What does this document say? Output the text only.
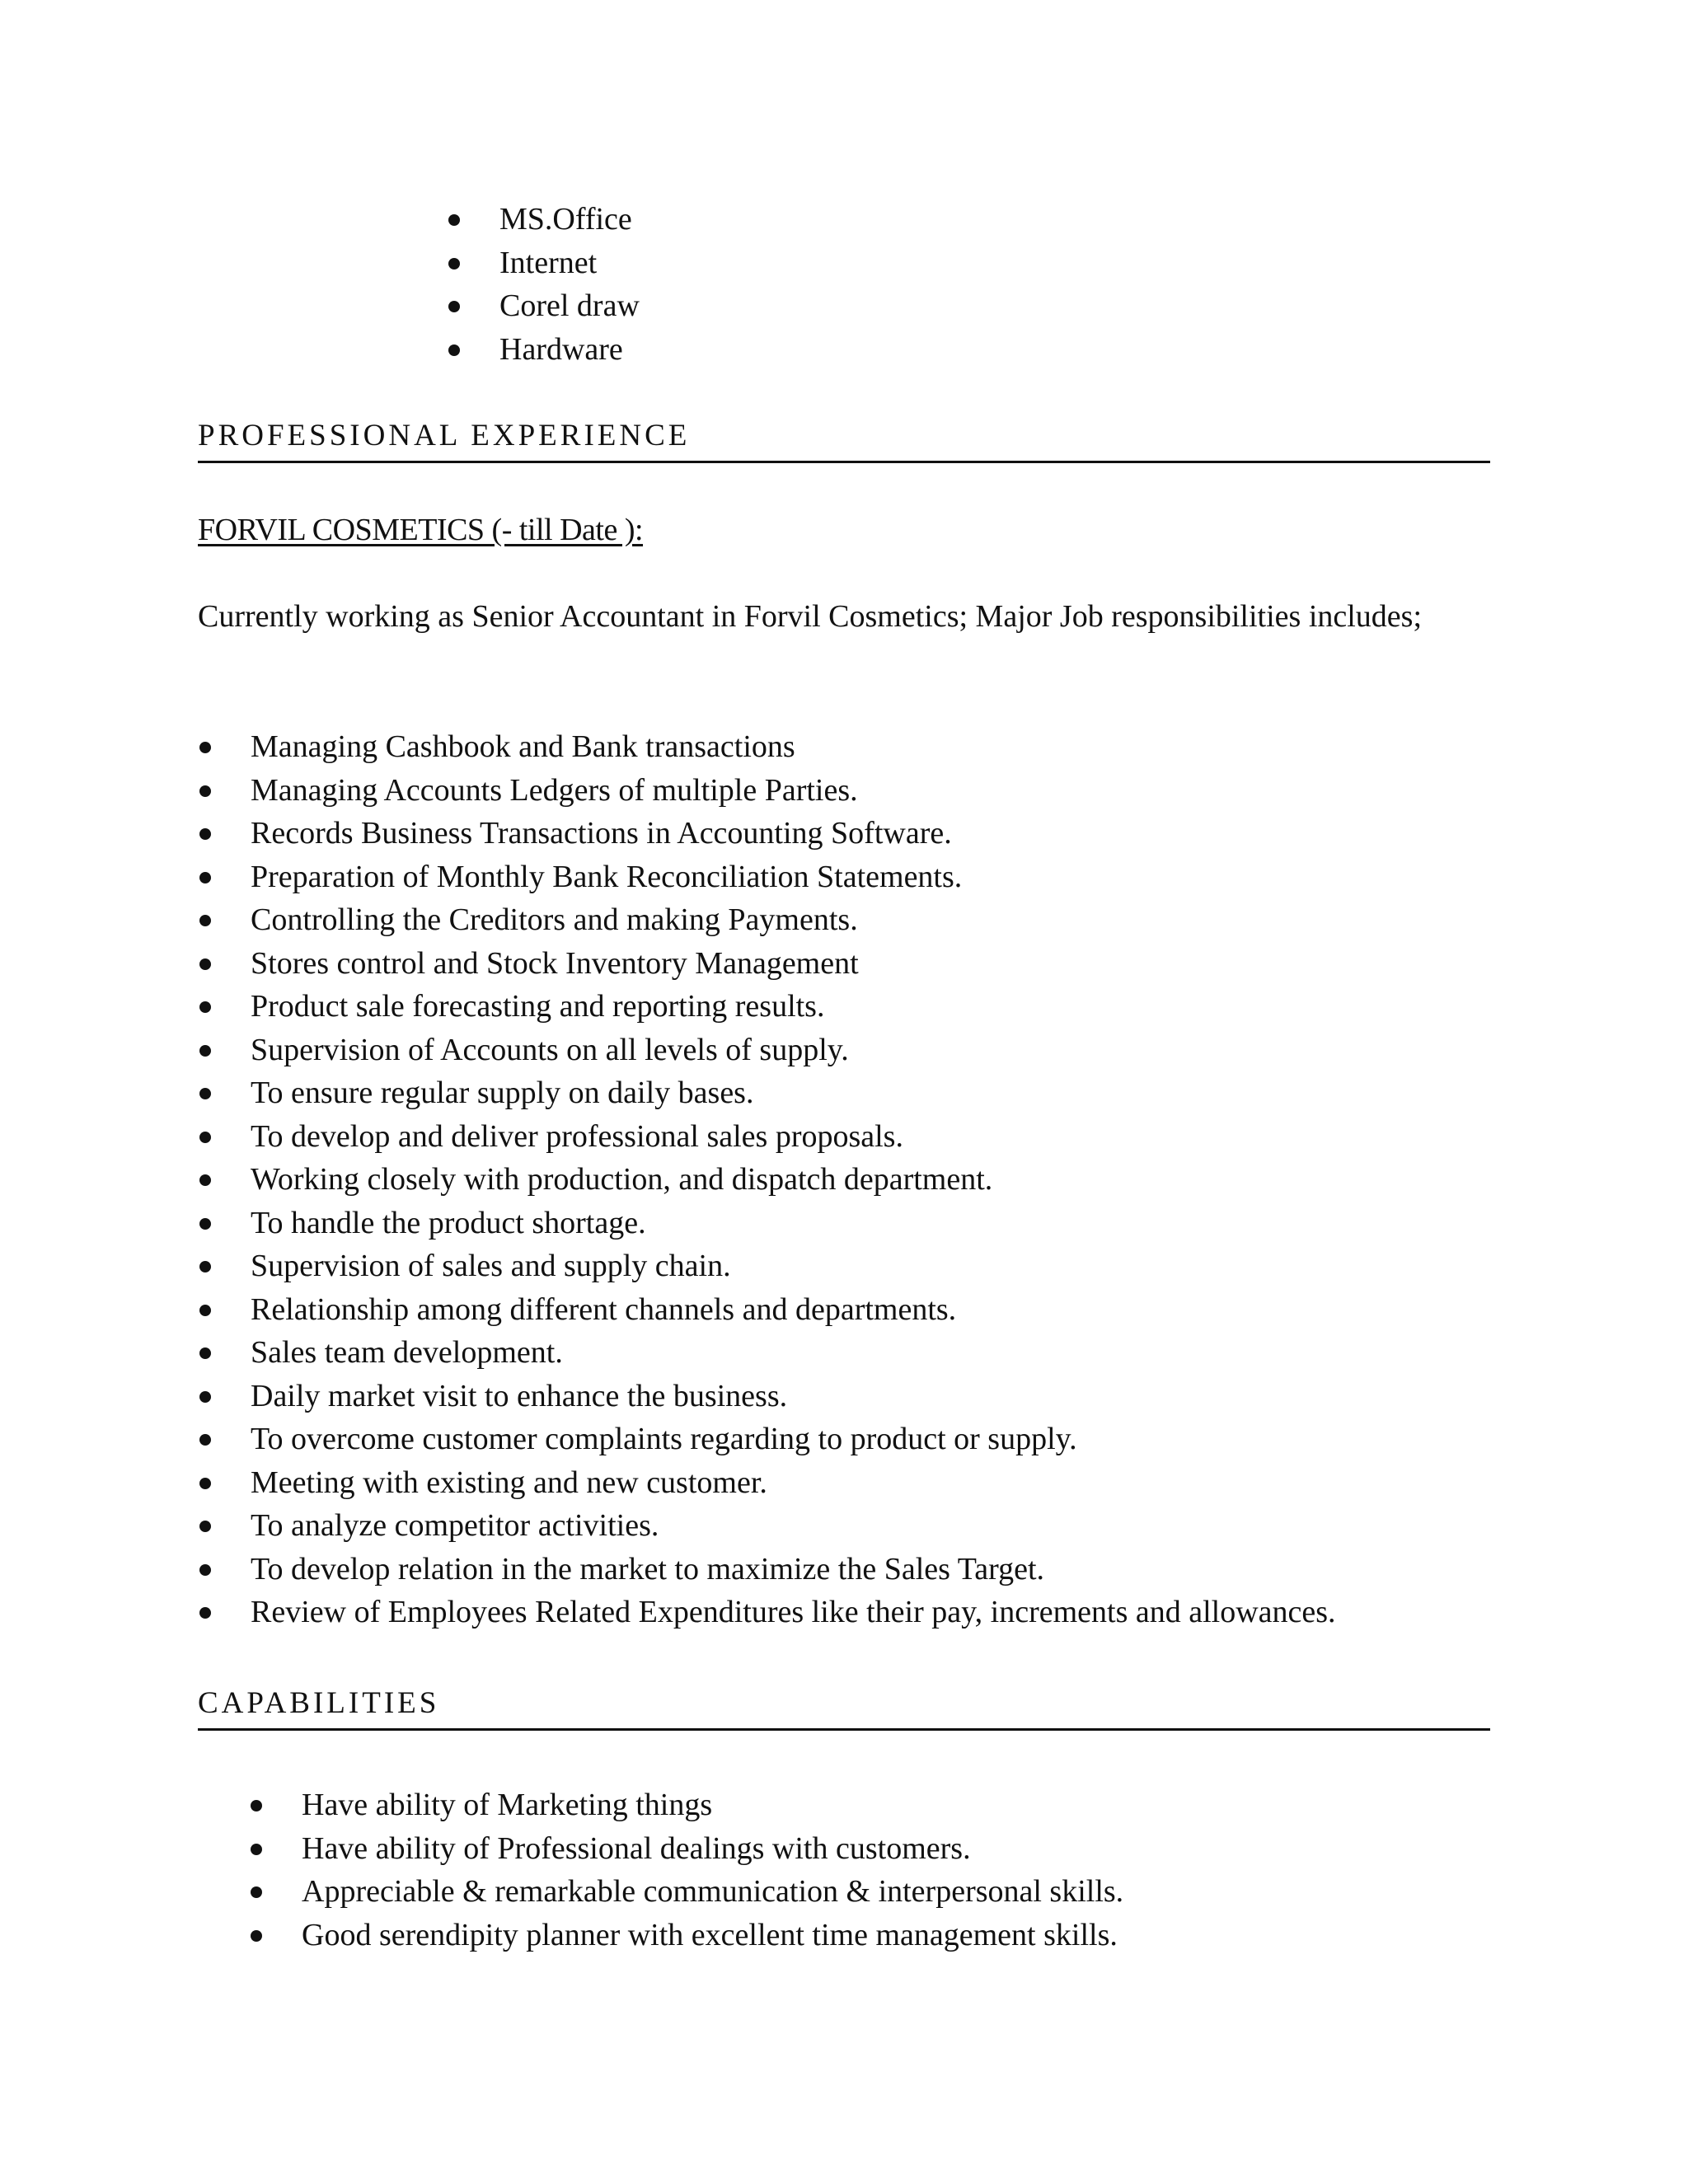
MS.Office
Internet
Corel draw
Hardware
PROFESSIONAL EXPERIENCE
FORVIL COSMETICS (- till Date ):
Currently working as Senior Accountant in Forvil Cosmetics; Major Job responsibilities includes;
Managing Cashbook and Bank transactions
Managing Accounts Ledgers of multiple Parties.
Records Business Transactions in Accounting Software.
Preparation of Monthly Bank Reconciliation Statements.
Controlling the Creditors and making Payments.
Stores control and Stock Inventory Management
Product sale forecasting and reporting results.
Supervision of Accounts on all levels of supply.
To ensure regular supply on daily bases.
To develop and deliver professional sales proposals.
Working closely with production, and dispatch department.
To handle the product shortage.
Supervision of sales and supply chain.
Relationship among different channels and departments.
Sales team development.
Daily market visit to enhance the business.
To overcome customer complaints regarding to product or supply.
Meeting with existing and new customer.
To analyze competitor activities.
To develop relation in the market to maximize the Sales Target.
Review of Employees Related Expenditures like their pay, increments and allowances.
CAPABILITIES
Have ability of Marketing things
Have ability of Professional dealings with customers.
Appreciable & remarkable communication & interpersonal skills.
Good serendipity planner with excellent time management skills.
